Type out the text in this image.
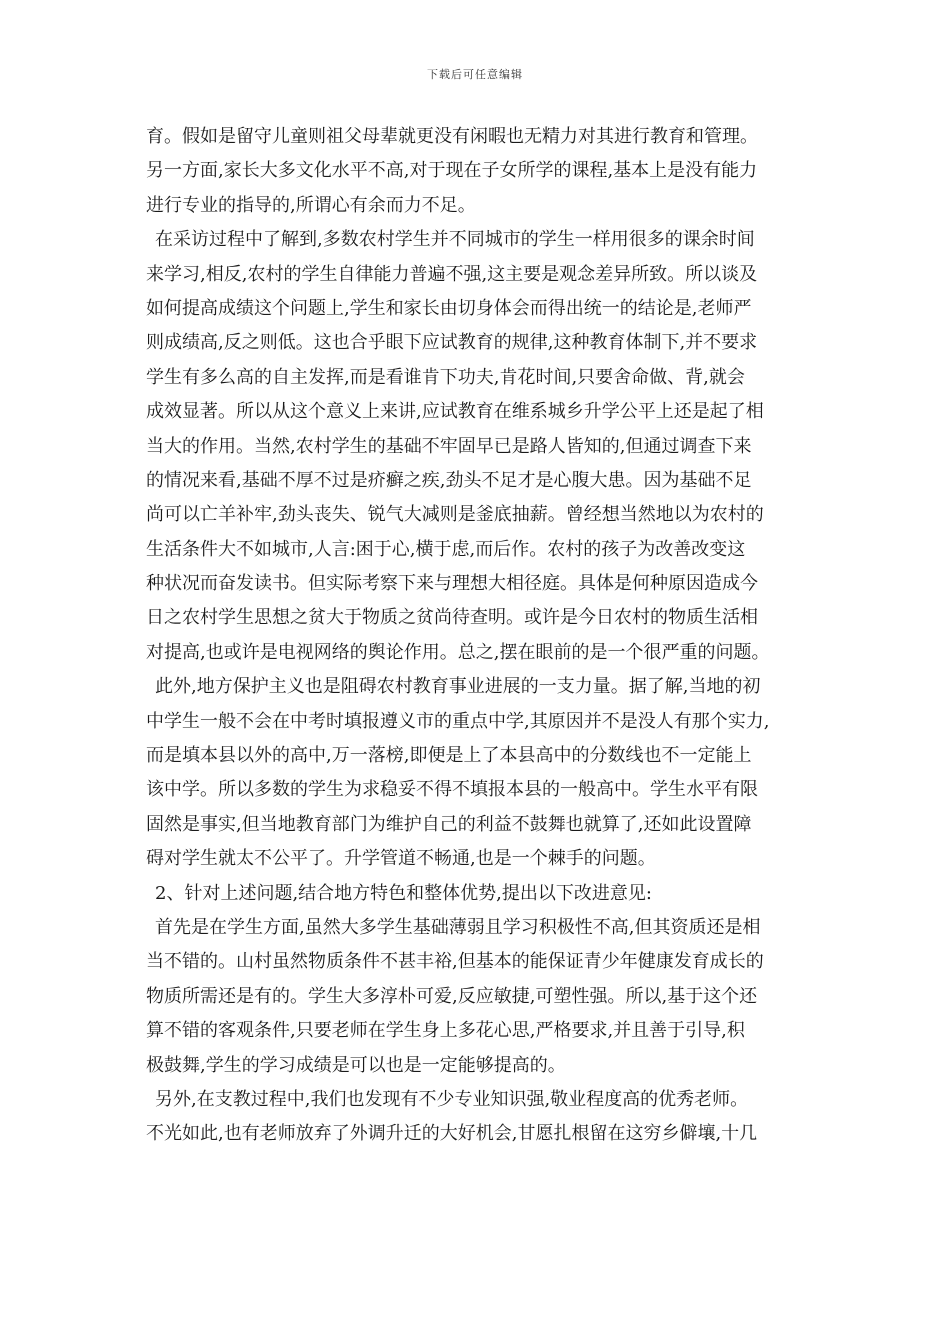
下载后可任意编辑
育。假如是留守儿童则祖父母辈就更没有闲暇也无精力对其进行教育和管理。
另一方面,家长大多文化水平不高,对于现在子女所学的课程,基本上是没有能力
进行专业的指导的,所谓心有余而力不足。
在采访过程中了解到,多数农村学生并不同城市的学生一样用很多的课余时间
来学习,相反,农村的学生自律能力普遍不强,这主要是观念差异所致。所以谈及
如何提高成绩这个问题上,学生和家长由切身体会而得出统一的结论是,老师严
则成绩高,反之则低。这也合乎眼下应试教育的规律,这种教育体制下,并不要求
学生有多么高的自主发挥,而是看谁肯下功夫,肯花时间,只要舍命做、背,就会
成效显著。所以从这个意义上来讲,应试教育在维系城乡升学公平上还是起了相
当大的作用。当然,农村学生的基础不牢固早已是路人皆知的,但通过调查下来
的情况来看,基础不厚不过是疥癣之疾,劲头不足才是心腹大患。因为基础不足
尚可以亡羊补牢,劲头丧失、锐气大减则是釜底抽薪。曾经想当然地以为农村的
生活条件大不如城市,人言:困于心,横于虑,而后作。农村的孩子为改善改变这
种状况而奋发读书。但实际考察下来与理想大相径庭。具体是何种原因造成今
日之农村学生思想之贫大于物质之贫尚待查明。或许是今日农村的物质生活相
对提高,也或许是电视网络的舆论作用。总之,摆在眼前的是一个很严重的问题。
此外,地方保护主义也是阻碍农村教育事业进展的一支力量。据了解,当地的初
中学生一般不会在中考时填报遵义市的重点中学,其原因并不是没人有那个实力,
而是填本县以外的高中,万一落榜,即便是上了本县高中的分数线也不一定能上
该中学。所以多数的学生为求稳妥不得不填报本县的一般高中。学生水平有限
固然是事实,但当地教育部门为维护自己的利益不鼓舞也就算了,还如此设置障
碍对学生就太不公平了。升学管道不畅通,也是一个棘手的问题。
2、针对上述问题,结合地方特色和整体优势,提出以下改进意见:
首先是在学生方面,虽然大多学生基础薄弱且学习积极性不高,但其资质还是相
当不错的。山村虽然物质条件不甚丰裕,但基本的能保证青少年健康发育成长的
物质所需还是有的。学生大多淳朴可爱,反应敏捷,可塑性强。所以,基于这个还
算不错的客观条件,只要老师在学生身上多花心思,严格要求,并且善于引导,积
极鼓舞,学生的学习成绩是可以也是一定能够提高的。
另外,在支教过程中,我们也发现有不少专业知识强,敬业程度高的优秀老师。
不光如此,也有老师放弃了外调升迁的大好机会,甘愿扎根留在这穷乡僻壤,十几
